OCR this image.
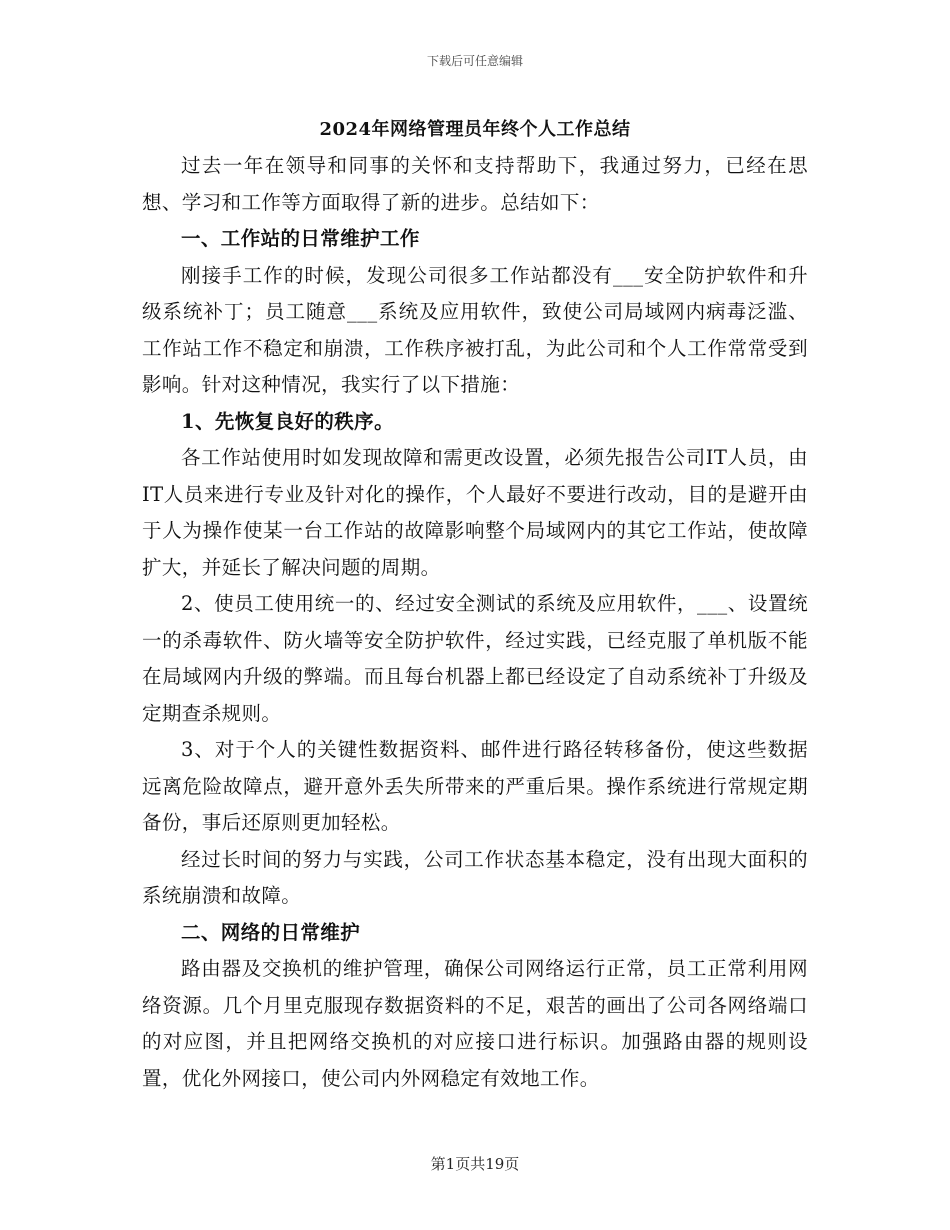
下载后可任意编辑
2024年网络管理员年终个人工作总结

过去一年在领导和同事的关怀和支持帮助下，我通过努力，已经在思想、学习和工作等方面取得了新的进步。总结如下：

一、工作站的日常维护工作

刚接手工作的时候，发现公司很多工作站都没有___安全防护软件和升级系统补丁；员工随意___系统及应用软件，致使公司局域网内病毒泛滥、工作站工作不稳定和崩溃，工作秩序被打乱，为此公司和个人工作常常受到影响。针对这种情况，我实行了以下措施：

1、先恢复良好的秩序。

各工作站使用时如发现故障和需更改设置，必须先报告公司IT人员，由IT人员来进行专业及针对化的操作，个人最好不要进行改动，目的是避开由于人为操作使某一台工作站的故障影响整个局域网内的其它工作站，使故障扩大，并延长了解决问题的周期。

2、使员工使用统一的、经过安全测试的系统及应用软件，___、设置统一的杀毒软件、防火墙等安全防护软件，经过实践，已经克服了单机版不能在局域网内升级的弊端。而且每台机器上都已经设定了自动系统补丁升级及定期查杀规则。

3、对于个人的关键性数据资料、邮件进行路径转移备份，使这些数据远离危险故障点，避开意外丢失所带来的严重后果。操作系统进行常规定期备份，事后还原则更加轻松。

经过长时间的努力与实践，公司工作状态基本稳定，没有出现大面积的系统崩溃和故障。

二、网络的日常维护

路由器及交换机的维护管理，确保公司网络运行正常，员工正常利用网络资源。几个月里克服现存数据资料的不足，艰苦的画出了公司各网络端口的对应图，并且把网络交换机的对应接口进行标识。加强路由器的规则设置，优化外网接口，使公司内外网稳定有效地工作。

第1页共19页
